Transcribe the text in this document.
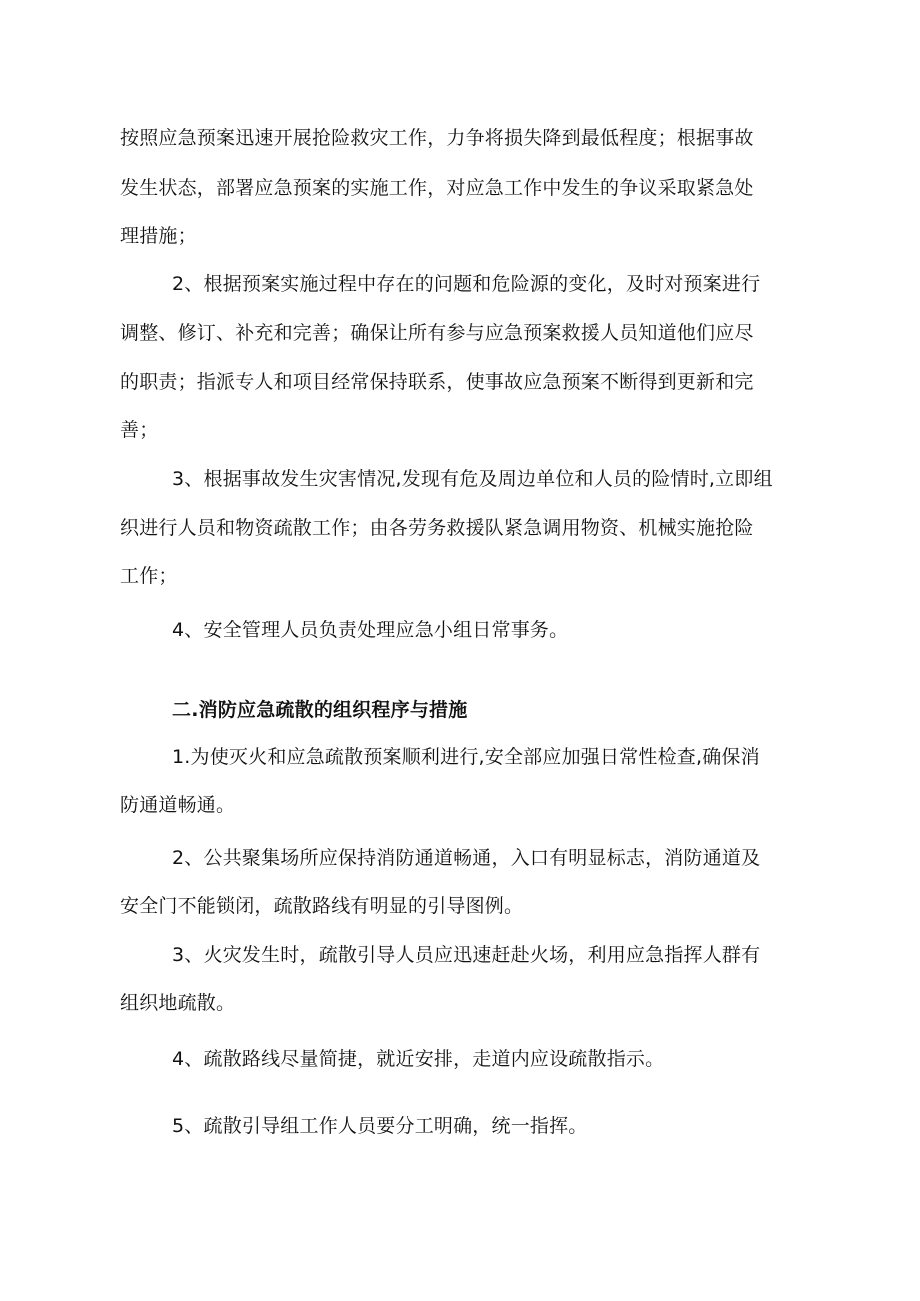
按照应急预案迅速开展抢险救灾工作，力争将损失降到最低程度；根据事故
发生状态，部署应急预案的实施工作，对应急工作中发生的争议采取紧急处
理措施；
2、根据预案实施过程中存在的问题和危险源的变化，及时对预案进行
调整、修订、补充和完善；确保让所有参与应急预案救援人员知道他们应尽
的职责；指派专人和项目经常保持联系，使事故应急预案不断得到更新和完
善；
3、根据事故发生灾害情况,发现有危及周边单位和人员的险情时,立即组
织进行人员和物资疏散工作；由各劳务救援队紧急调用物资、机械实施抢险
工作；
4、安全管理人员负责处理应急小组日常事务。
二.消防应急疏散的组织程序与措施
1.为使灭火和应急疏散预案顺利进行,安全部应加强日常性检查,确保消
防通道畅通。
2、公共聚集场所应保持消防通道畅通，入口有明显标志，消防通道及
安全门不能锁闭，疏散路线有明显的引导图例。
3、火灾发生时，疏散引导人员应迅速赶赴火场，利用应急指挥人群有
组织地疏散。
4、疏散路线尽量简捷，就近安排，走道内应设疏散指示。
5、疏散引导组工作人员要分工明确，统一指挥。
